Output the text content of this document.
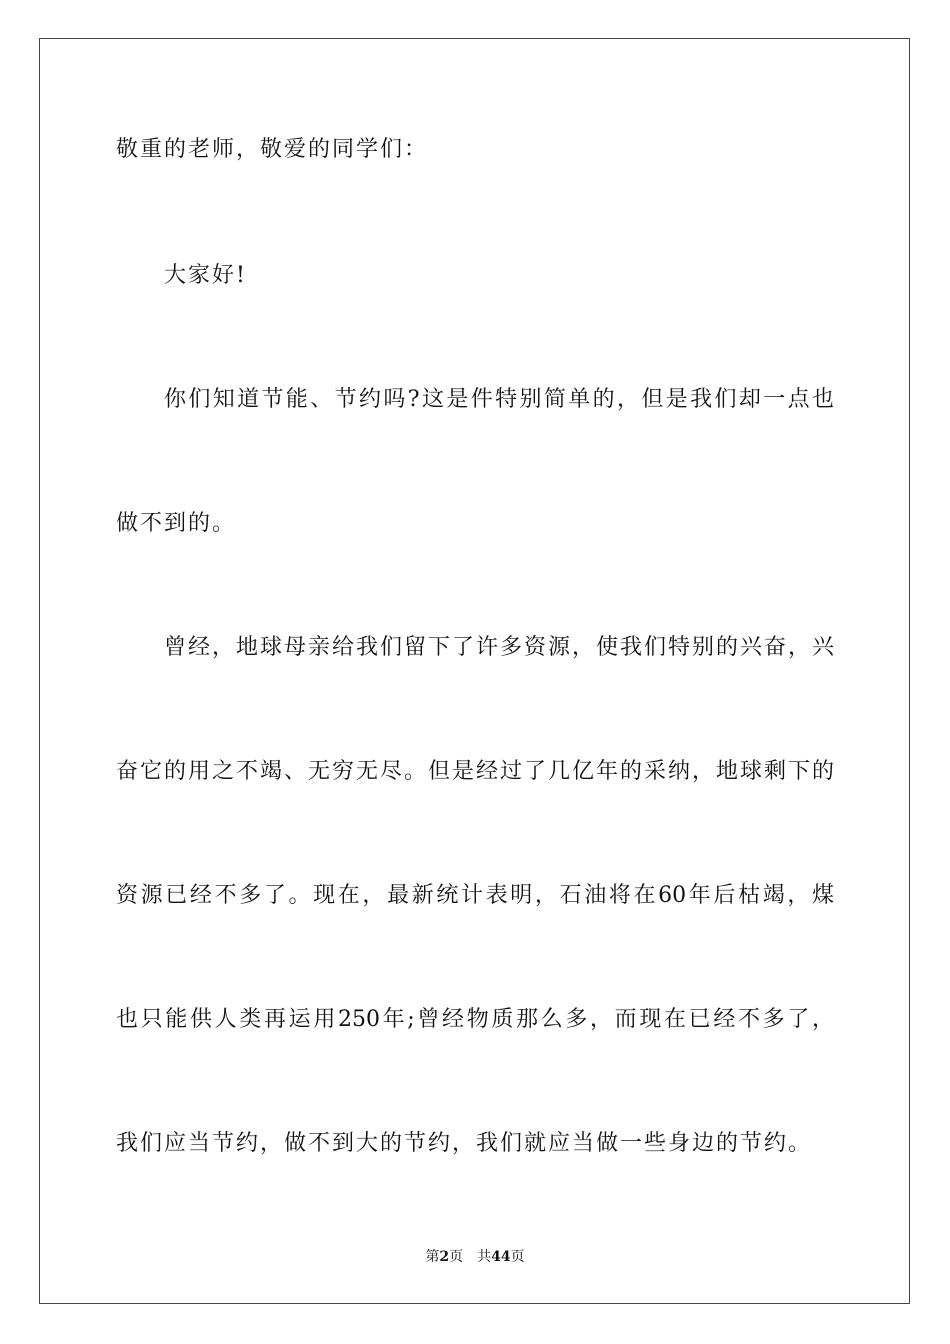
敬重的老师，敬爱的同学们：
大家好!
你们知道节能、节约吗?这是件特别简单的，但是我们却一点也
做不到的。
曾经，地球母亲给我们留下了许多资源，使我们特别的兴奋，兴
奋它的用之不竭、无穷无尽。但是经过了几亿年的采纳，地球剩下的
资源已经不多了。现在，最新统计表明，石油将在60年后枯竭，煤
也只能供人类再运用250年;曾经物质那么多，而现在已经不多了，
我们应当节约，做不到大的节约，我们就应当做一些身边的节约。
第2页 共44页
